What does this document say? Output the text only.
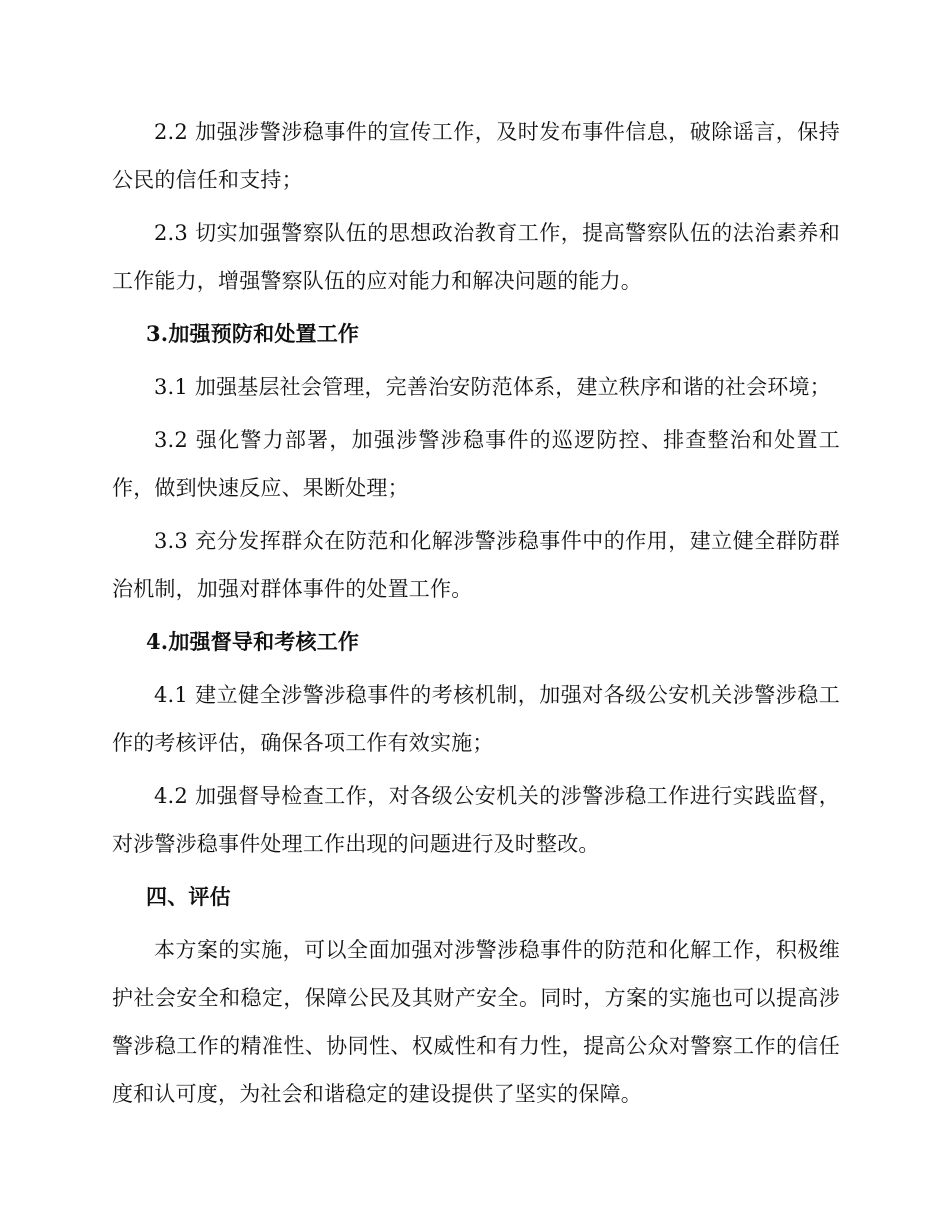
2.2 加强涉警涉稳事件的宣传工作，及时发布事件信息，破除谣言，保持公民的信任和支持；

2.3 切实加强警察队伍的思想政治教育工作，提高警察队伍的法治素养和工作能力，增强警察队伍的应对能力和解决问题的能力。

3.加强预防和处置工作

3.1 加强基层社会管理，完善治安防范体系，建立秩序和谐的社会环境；

3.2 强化警力部署，加强涉警涉稳事件的巡逻防控、排查整治和处置工作，做到快速反应、果断处理；

3.3 充分发挥群众在防范和化解涉警涉稳事件中的作用，建立健全群防群治机制，加强对群体事件的处置工作。

4.加强督导和考核工作

4.1 建立健全涉警涉稳事件的考核机制，加强对各级公安机关涉警涉稳工作的考核评估，确保各项工作有效实施；

4.2 加强督导检查工作，对各级公安机关的涉警涉稳工作进行实践监督，对涉警涉稳事件处理工作出现的问题进行及时整改。

四、评估

本方案的实施，可以全面加强对涉警涉稳事件的防范和化解工作，积极维护社会安全和稳定，保障公民及其财产安全。同时，方案的实施也可以提高涉警涉稳工作的精准性、协同性、权威性和有力性，提高公众对警察工作的信任度和认可度，为社会和谐稳定的建设提供了坚实的保障。
